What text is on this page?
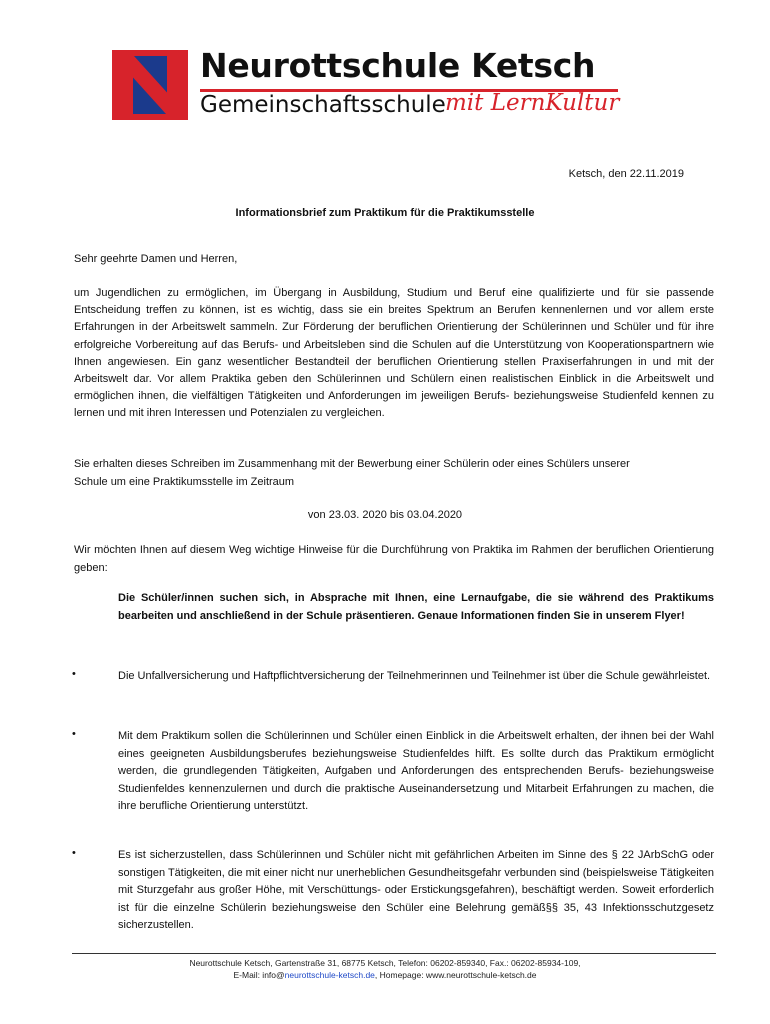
Neurottschule Ketsch
Gemeinschaftsschule mit LernKultur
Ketsch, den 22.11.2019
Informationsbrief zum Praktikum für die Praktikumsstelle
Sehr geehrte Damen und Herren,
um Jugendlichen zu ermöglichen, im Übergang in Ausbildung, Studium und Beruf eine qualifizierte und für sie passende Entscheidung treffen zu können, ist es wichtig, dass sie ein breites Spektrum an Berufen kennenlernen und vor allem erste Erfahrungen in der Arbeitswelt sammeln. Zur Förderung der beruflichen Orientierung der Schülerinnen und Schüler und für ihre erfolgreiche Vorbereitung auf das Berufs- und Arbeitsleben sind die Schulen auf die Unterstützung von Kooperationspartnern wie Ihnen angewiesen. Ein ganz wesentlicher Bestandteil der beruflichen Orientierung stellen Praxiserfahrungen in und mit der Arbeitswelt dar. Vor allem Praktika geben den Schülerinnen und Schülern einen realistischen Einblick in die Arbeitswelt und ermöglichen ihnen, die vielfältigen Tätigkeiten und Anforderungen im jeweiligen Berufs- beziehungsweise Studienfeld kennen zu lernen und mit ihren Interessen und Potenzialen zu vergleichen.
Sie erhalten dieses Schreiben im Zusammenhang mit der Bewerbung einer Schülerin oder eines Schülers unserer
Schule um eine Praktikumsstelle im Zeitraum
von 23.03. 2020 bis 03.04.2020
Wir möchten Ihnen auf diesem Weg wichtige Hinweise für die Durchführung von Praktika im Rahmen der beruflichen Orientierung geben:
Die Schüler/innen suchen sich, in Absprache mit Ihnen, eine Lernaufgabe, die sie während des Praktikums bearbeiten und anschließend in der Schule präsentieren. Genaue Informationen finden Sie in unserem Flyer!
•	Die Unfallversicherung und Haftpflichtversicherung der Teilnehmerinnen und Teilnehmer ist über die Schule gewährleistet.
•	Mit dem Praktikum sollen die Schülerinnen und Schüler einen Einblick in die Arbeitswelt erhalten, der ihnen bei der Wahl eines geeigneten Ausbildungsberufes beziehungsweise Studienfeldes hilft. Es sollte durch das Praktikum ermöglicht werden, die grundlegenden Tätigkeiten, Aufgaben und Anforderungen des entsprechenden Berufs- beziehungsweise Studienfeldes kennenzulernen und durch die praktische Auseinandersetzung und Mitarbeit Erfahrungen zu machen, die ihre berufliche Orientierung unterstützt.
•	Es ist sicherzustellen, dass Schülerinnen und Schüler nicht mit gefährlichen Arbeiten im Sinne des § 22 JArbSchG oder sonstigen Tätigkeiten, die mit einer nicht nur unerheblichen Gesundheitsgefahr verbunden sind (beispielsweise Tätigkeiten mit Sturzgefahr aus großer Höhe, mit Verschüttungs- oder Erstickungsgefahren), beschäftigt werden. Soweit erforderlich ist für die einzelne Schülerin beziehungsweise den Schüler eine Belehrung gemäß§§ 35, 43 Infektionsschutzgesetz sicherzustellen.
Neurottschule Ketsch, Gartenstraße 31, 68775 Ketsch, Telefon: 06202-859340, Fax.: 06202-85934-109,
E-Mail: info@neurottschule-ketsch.de, Homepage: www.neurottschule-ketsch.de
